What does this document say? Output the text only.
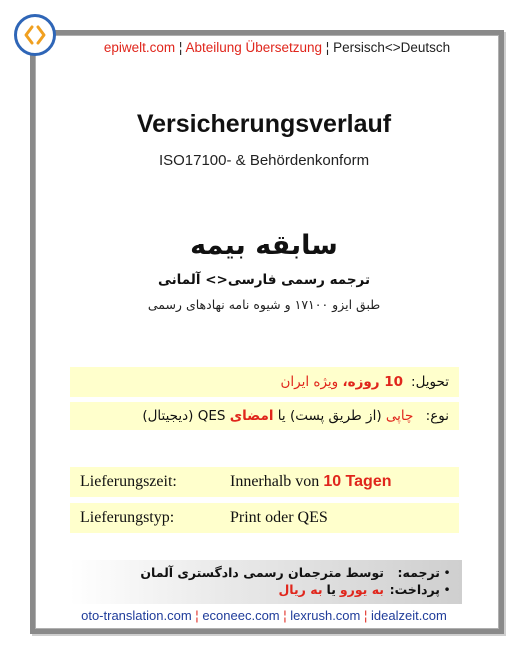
epiwelt.com ¦ Abteilung Übersetzung ¦ Persisch<>Deutsch
Versicherungsverlauf
ISO17100- & Behördenkonform
سابقه بیمه
ترجمه رسمی فارسی<> آلمانی
طبق ایزو ۱۷۱۰۰ و شیوه نامه نهادهای رسمی
تحویل:
10 روزه،

ویژه ایران
نوع:

چاپی

(از طریق پست)

یا

امضای

QES (دیجیتال)
Lieferungszeit:	Innerhalb von
10 Tagen
Lieferungstyp:	Print oder QES
•
ترجمه:
توسط مترجمان رسمی دادگستری آلمان
•
پرداخت:
به یورو

یا

به ریال
oto-translation.com ¦ econeec.com ¦ lexrush.com ¦ idealzeit.com
